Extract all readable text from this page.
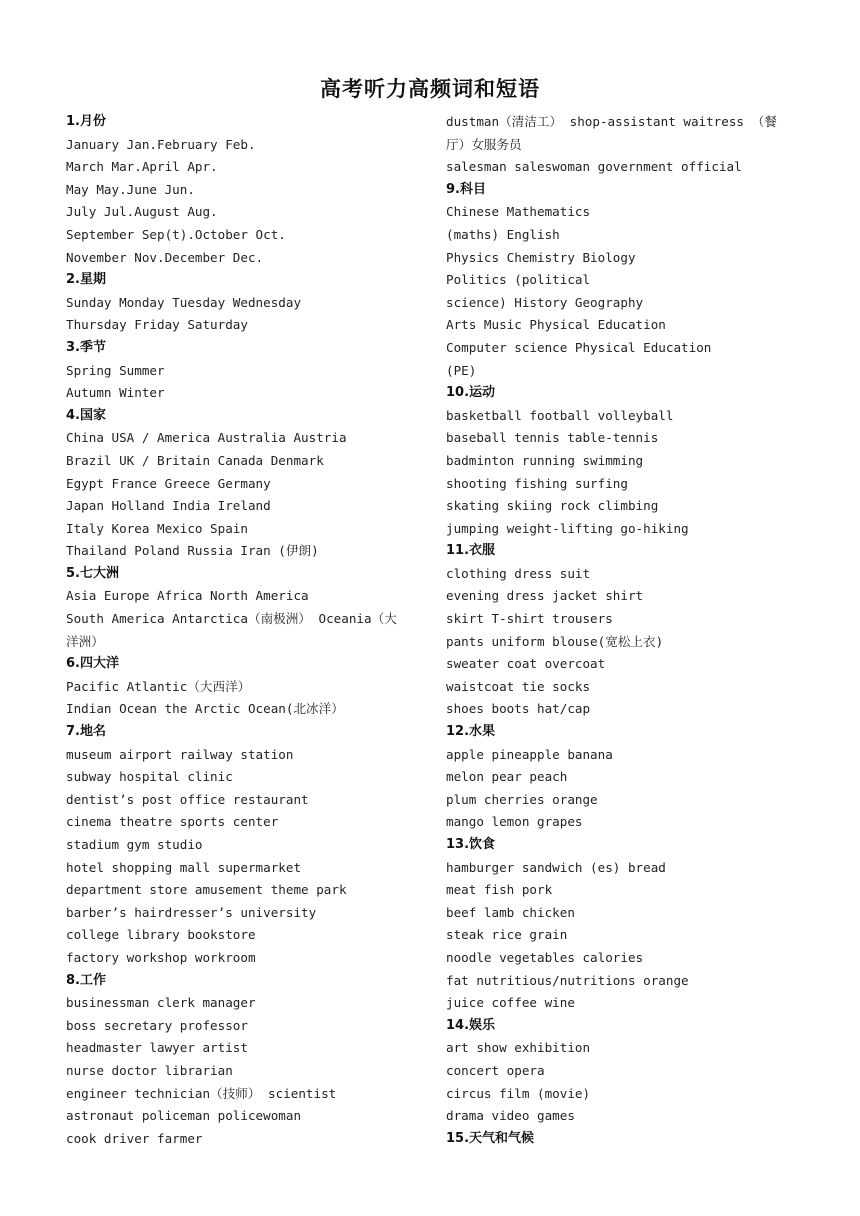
高考听力高频词和短语
1.月份
January Jan.February Feb.
March Mar.April Apr.
May May.June Jun.
July Jul.August Aug.
September Sep(t).October Oct.
November Nov.December Dec.
2.星期
Sunday Monday Tuesday Wednesday
Thursday Friday Saturday
3.季节
Spring Summer
Autumn Winter
4.国家
China USA / America Australia Austria
Brazil UK / Britain Canada Denmark
Egypt France Greece Germany
Japan Holland India Ireland
Italy Korea Mexico Spain
Thailand Poland Russia Iran (伊朗)
5.七大洲
Asia Europe Africa North America
South America Antarctica（南极洲） Oceania（大
洋洲）
6.四大洋
Pacific Atlantic（大西洋）
Indian Ocean the Arctic Ocean(北冰洋）
7.地名
museum airport railway station
subway hospital clinic
dentist’s post office restaurant
cinema theatre sports center
stadium gym studio
hotel shopping mall supermarket
department store amusement theme park
barber’s hairdresser’s university
college library bookstore
factory workshop workroom
8.工作
businessman clerk manager
boss secretary professor
headmaster lawyer artist
nurse doctor librarian
engineer technician（技师） scientist
astronaut policeman policewoman
cook driver farmer
dustman（清洁工） shop-assistant waitress （餐
厅）女服务员
salesman saleswoman government official
9.科目
Chinese Mathematics
(maths) English
Physics Chemistry Biology
Politics (political
science) History Geography
Arts Music Physical Education
Computer science Physical Education
(PE)
10.运动
basketball football volleyball
baseball tennis table-tennis
badminton running swimming
shooting fishing surfing
skating skiing rock climbing
jumping weight-lifting go-hiking
11.衣服
clothing dress suit
evening dress jacket shirt
skirt T-shirt trousers
pants uniform blouse(宽松上衣)
sweater coat overcoat
waistcoat tie socks
shoes boots hat/cap
12.水果
apple pineapple banana
melon pear peach
plum cherries orange
mango lemon grapes
13.饮食
hamburger sandwich (es) bread
meat fish pork
beef lamb chicken
steak rice grain
noodle vegetables calories
fat nutritious/nutritions orange
juice coffee wine
14.娱乐
art show exhibition
concert opera
circus film (movie)
drama video games
15.天气和气候
